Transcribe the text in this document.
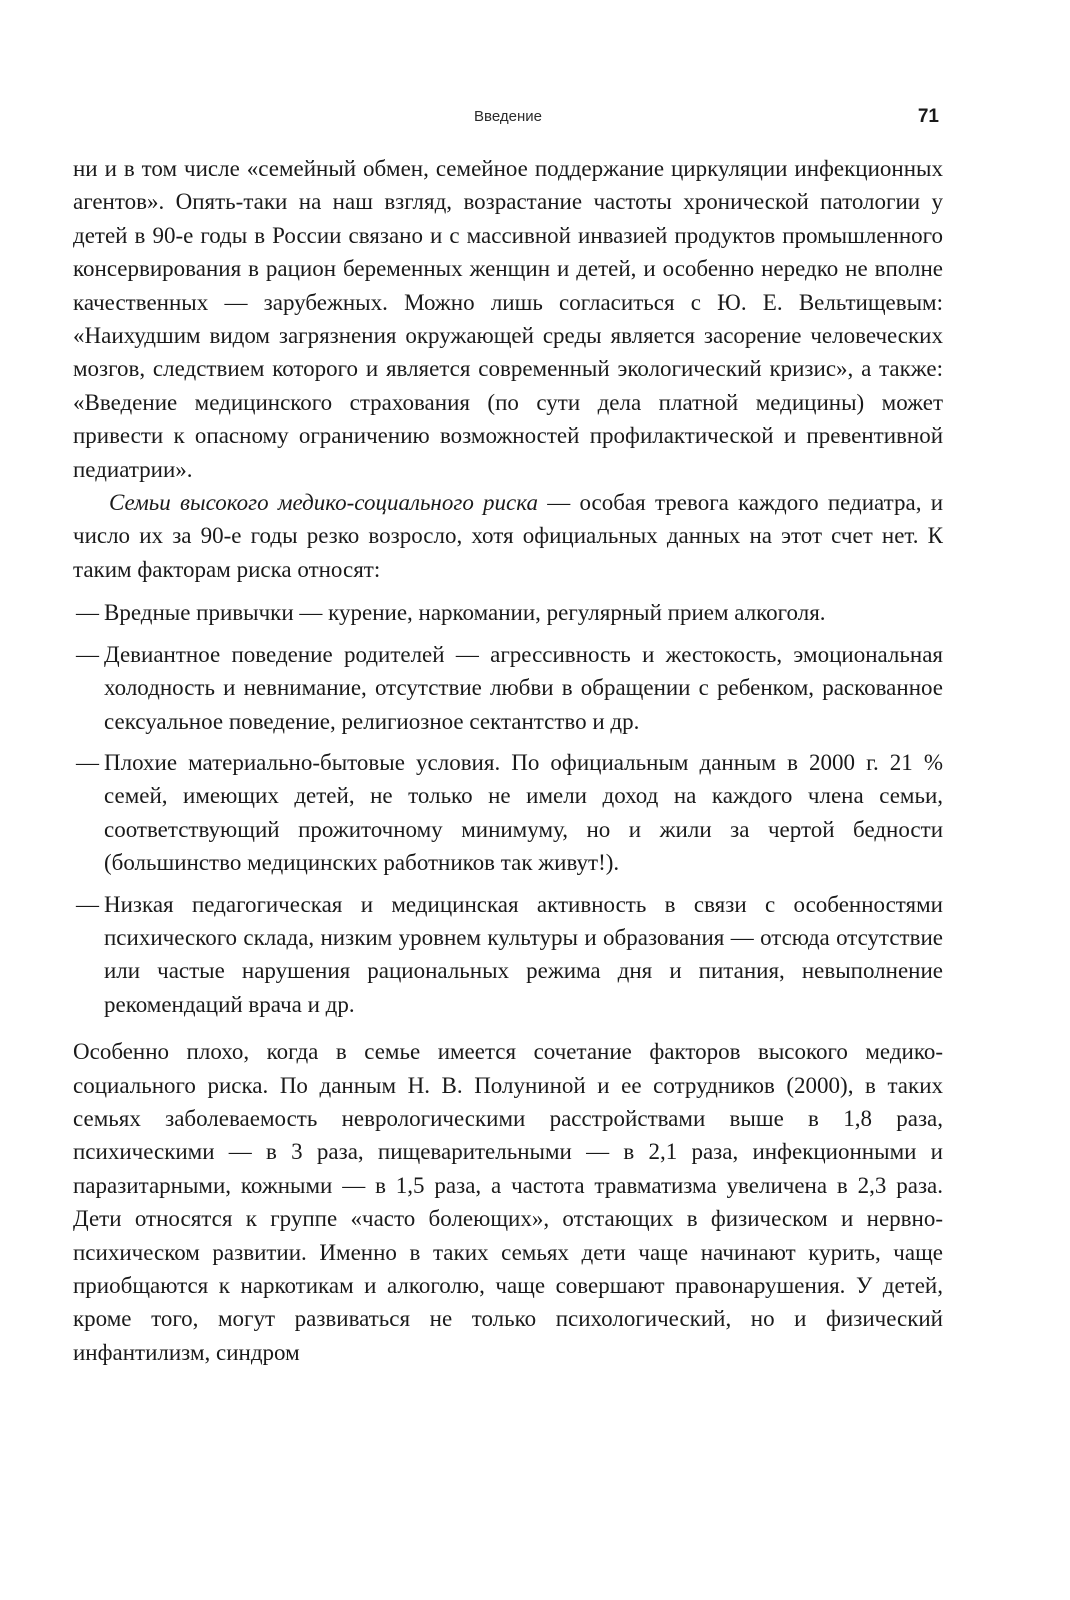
Введение	71

ни и в том числе «семейный обмен, семейное поддержание циркуляции инфекционных агентов». Опять-таки на наш взгляд, возрастание частоты хронической патологии у детей в 90-е годы в России связано и с массивной инвазией продуктов промышленного консервирования в рацион беременных женщин и детей, и особенно нередко не вполне качественных — зарубежных. Можно лишь согласиться с Ю. Е. Вельтищевым: «Наихудшим видом загрязнения окружающей среды является засорение человеческих мозгов, следствием которого и является современный экологический кризис», а также: «Введение медицинского страхования (по сути дела платной медицины) может привести к опасному ограничению возможностей профилактической и превентивной педиатрии».

Семьи высокого медико-социального риска — особая тревога каждого педиатра, и число их за 90-е годы резко возросло, хотя официальных данных на этот счет нет. К таким факторам риска относят:

— Вредные привычки — курение, наркомании, регулярный прием алкоголя.
— Девиантное поведение родителей — агрессивность и жестокость, эмоциональная холодность и невнимание, отсутствие любви в обращении с ребенком, раскованное сексуальное поведение, религиозное сектантство и др.
— Плохие материально-бытовые условия. По официальным данным в 2000 г. 21 % семей, имеющих детей, не только не имели доход на каждого члена семьи, соответствующий прожиточному минимуму, но и жили за чертой бедности (большинство медицинских работников так живут!).
— Низкая педагогическая и медицинская активность в связи с особенностями психического склада, низким уровнем культуры и образования — отсюда отсутствие или частые нарушения рациональных режима дня и питания, невыполнение рекомендаций врача и др.

Особенно плохо, когда в семье имеется сочетание факторов высокого медико-социального риска. По данным Н. В. Полуниной и ее сотрудников (2000), в таких семьях заболеваемость неврологическими расстройствами выше в 1,8 раза, психическими — в 3 раза, пищеварительными — в 2,1 раза, инфекционными и паразитарными, кожными — в 1,5 раза, а частота травматизма увеличена в 2,3 раза. Дети относятся к группе «часто болеющих», отстающих в физическом и нервно-психическом развитии. Именно в таких семьях дети чаще начинают курить, чаще приобщаются к наркотикам и алкоголю, чаще совершают правонарушения. У детей, кроме того, могут развиваться не только психологический, но и физический инфантилизм, синдром
